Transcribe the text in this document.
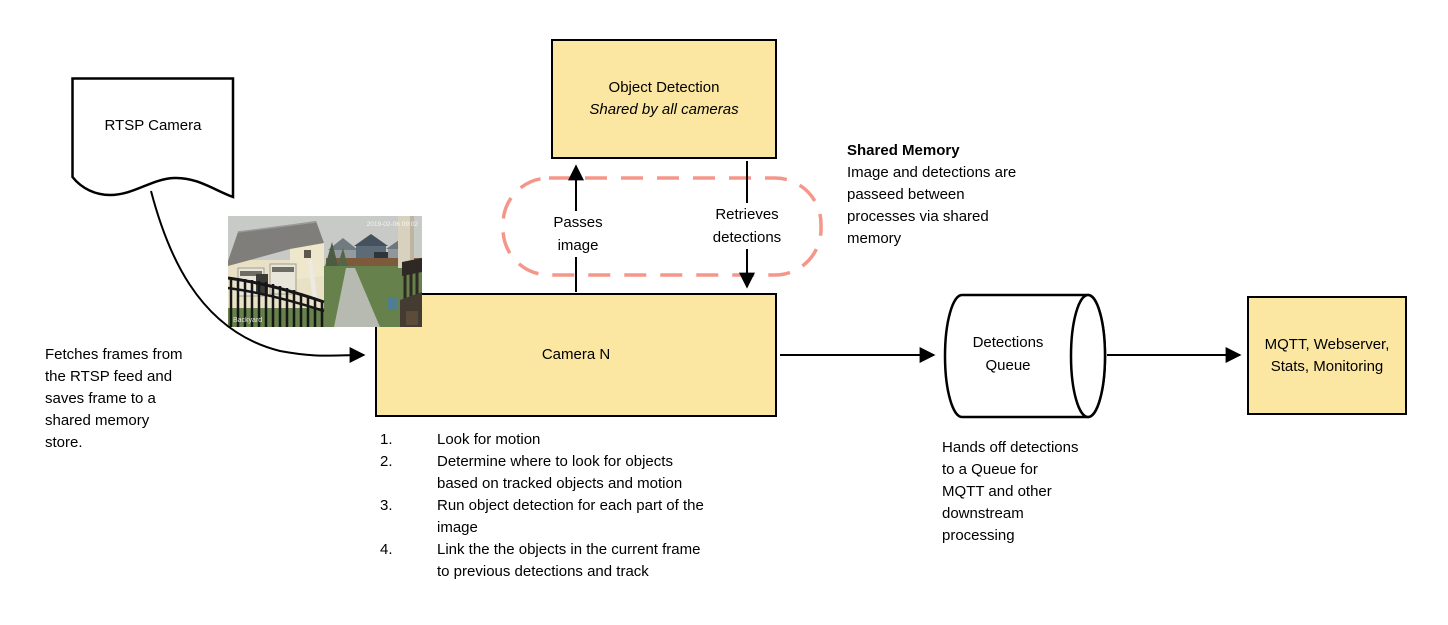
RTSP Camera
Object Detection
Shared by all cameras
Camera N
MQTT, Webserver,
Stats, Monitoring
Detections
Queue
2019-02-06 09:02
Backyard
Passes
image
Retrieves
detections
Shared Memory
Image and detections are
passeed between
processes via shared
memory
Fetches frames from
the RTSP feed and
saves frame to a
shared memory
store.	Hands off detections
to a Queue for
MQTT and other
downstream
processing
1.	Look for motion
2.	Determine where to look for objects
based on tracked objects and motion
3.	Run object detection for each part of the
image
4.	Link the the objects in the current frame
to previous detections and track
